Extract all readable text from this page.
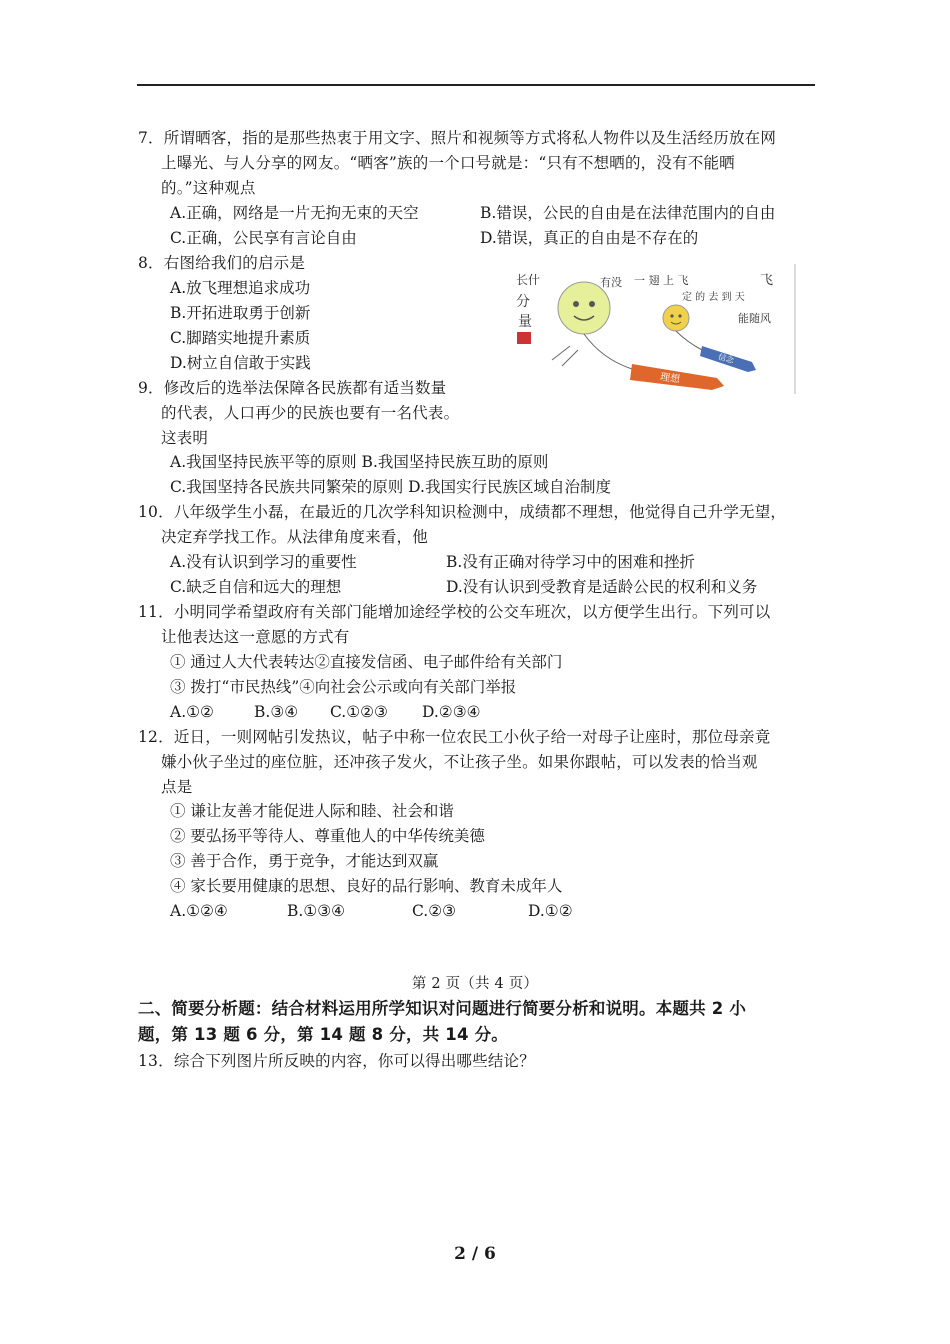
7．所谓晒客，指的是那些热衷于用文字、照片和视频等方式将私人物件以及生活经历放在网
上曝光、与人分享的网友。“晒客”族的一个口号就是：“只有不想晒的，没有不能晒
的。”这种观点
A.正确，网络是一片无拘无束的天空	B.错误，公民的自由是在法律范围内的自由
C.正确，公民享有言论自由	D.错误，真正的自由是不存在的
8．右图给我们的启示是
A.放飞理想追求成功
B.开拓进取勇于创新
C.脚踏实地提升素质
D.树立自信敢于实践
长什
分
量
有没 一 翅 上 飞
定 的 去 到 天
飞
能随风
理想
信念
9．修改后的选举法保障各民族都有适当数量
的代表，人口再少的民族也要有一名代表。
这表明
A.我国坚持民族平等的原则 B.我国坚持民族互助的原则
C.我国坚持各民族共同繁荣的原则 D.我国实行民族区域自治制度
10．八年级学生小磊，在最近的几次学科知识检测中，成绩都不理想，他觉得自己升学无望，
决定弃学找工作。从法律角度来看，他
A.没有认识到学习的重要性	B.没有正确对待学习中的困难和挫折
C.缺乏自信和远大的理想	D.没有认识到受教育是适龄公民的权利和义务
11．小明同学希望政府有关部门能增加途经学校的公交车班次，以方便学生出行。下列可以
让他表达这一意愿的方式有
① 通过人大代表转达②直接发信函、电子邮件给有关部门
③ 拨打“市民热线”④向社会公示或向有关部门举报
A.①②	B.③④ C.①②③ D.②③④
12．近日，一则网帖引发热议，帖子中称一位农民工小伙子给一对母子让座时，那位母亲竟
嫌小伙子坐过的座位脏，还冲孩子发火，不让孩子坐。如果你跟帖，可以发表的恰当观
点是
① 谦让友善才能促进人际和睦、社会和谐
② 要弘扬平等待人、尊重他人的中华传统美德
③ 善于合作，勇于竞争，才能达到双赢
④ 家长要用健康的思想、良好的品行影响、教育未成年人
A.①②④	B.①③④	C.②③	D.①②
第 2 页（共 4 页）
二、简要分析题：结合材料运用所学知识对问题进行简要分析和说明。本题共 2 小
题，第 13 题 6 分，第 14 题 8 分，共 14 分。
13．综合下列图片所反映的内容，你可以得出哪些结论？
2 / 6
